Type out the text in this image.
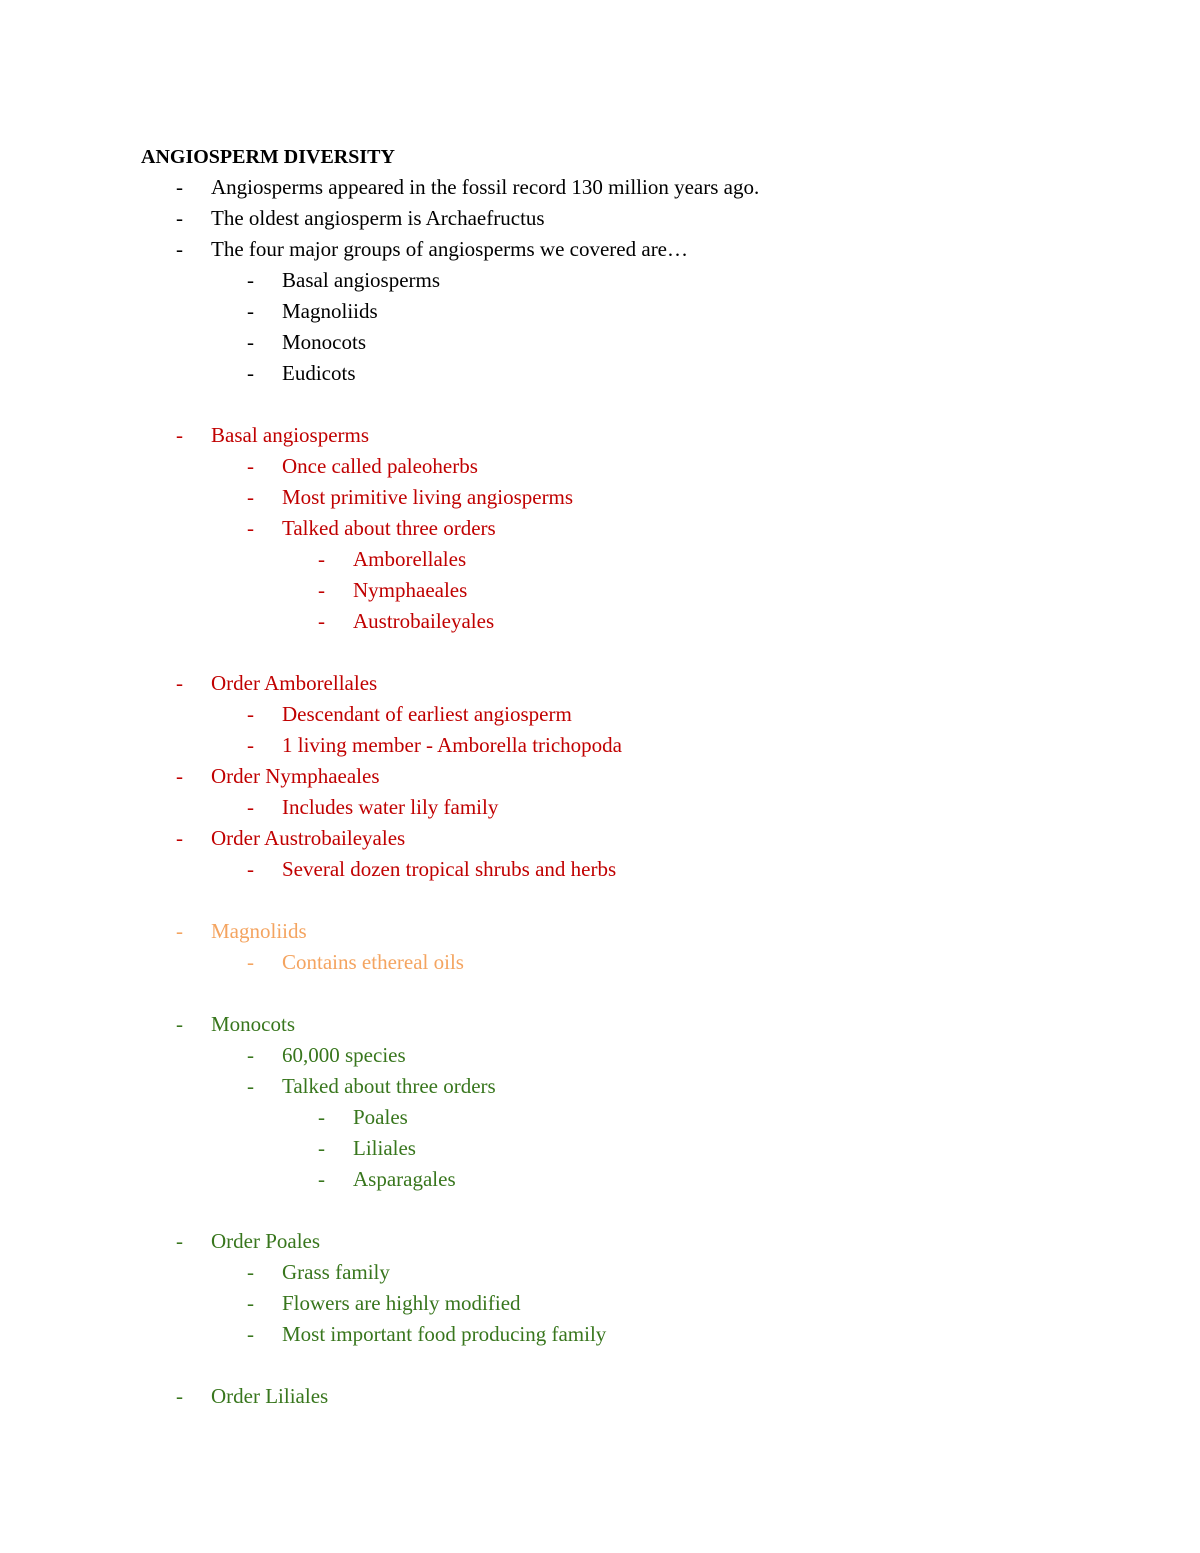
ANGIOSPERM DIVERSITY
-	Angiosperms appeared in the fossil record 130 million years ago.
-	The oldest angiosperm is Archaefructus
-	The four major groups of angiosperms we covered are…
-	Basal angiosperms
-	Magnoliids
-	Monocots
-	Eudicots
-	Basal angiosperms
-	Once called paleoherbs
-	Most primitive living angiosperms
-	Talked about three orders
-	Amborellales
-	Nymphaeales
-	Austrobaileyales
-	Order Amborellales
-	Descendant of earliest angiosperm
-	1 living member - Amborella trichopoda
-	Order Nymphaeales
-	Includes water lily family
-	Order Austrobaileyales
-	Several dozen tropical shrubs and herbs
-	Magnoliids
-	Contains ethereal oils
-	Monocots
-	60,000 species
-	Talked about three orders
-	Poales
-	Liliales
-	Asparagales
-	Order Poales
-	Grass family
-	Flowers are highly modified
-	Most important food producing family
-	Order Liliales
